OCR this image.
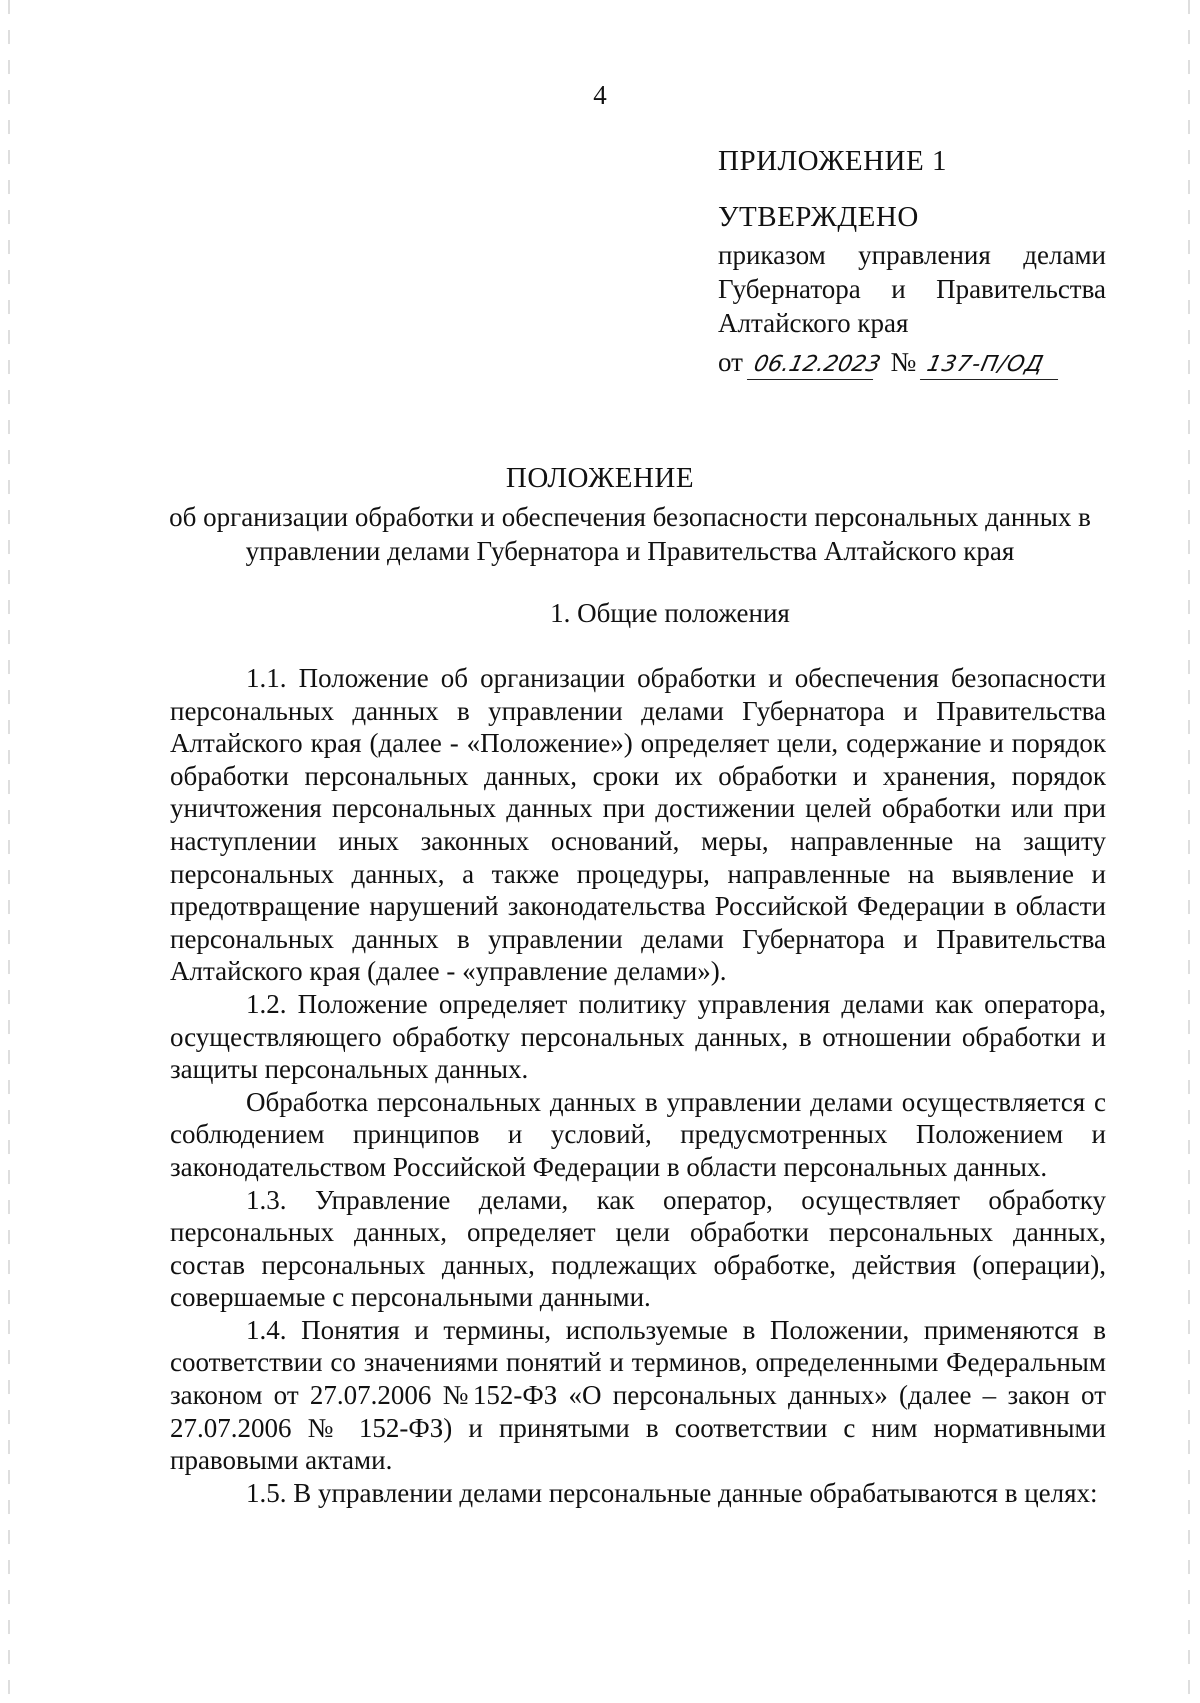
4
ПРИЛОЖЕНИЕ 1
УТВЕРЖДЕНО
приказом управления делами
Губернатора и Правительства
Алтайского края
от 06.12.2023 № 137-П/ОД
ПОЛОЖЕНИЕ
об организации обработки и обеспечения безопасности персональных данных в управлении делами Губернатора и Правительства Алтайского края
1. Общие положения

1.1. Положение об организации обработки и обеспечения безопасности персональных данных в управлении делами Губернатора и Правительства Алтайского края (далее - «Положение») определяет цели, содержание и порядок обработки персональных данных, сроки их обработки и хранения, порядок уничтожения персональных данных при достижении целей обработки или при наступлении иных законных оснований, меры, направленные на защиту персональных данных, а также процедуры, направленные на выявление и предотвращение нарушений законодательства Российской Федерации в области персональных данных в управлении делами Губернатора и Правительства Алтайского края (далее - «управление делами»).

1.2. Положение определяет политику управления делами как оператора, осуществляющего обработку персональных данных, в отношении обработки и защиты персональных данных.

Обработка персональных данных в управлении делами осуществляется с соблюдением принципов и условий, предусмотренных Положением и законодательством Российской Федерации в области персональных данных.

1.3. Управление делами, как оператор, осуществляет обработку персональных данных, определяет цели обработки персональных данных, состав персональных данных, подлежащих обработке, действия (операции), совершаемые с персональными данными.

1.4. Понятия и термины, используемые в Положении, применяются в соответствии со значениями понятий и терминов, определенными Федеральным законом от 27.07.2006 №152-ФЗ «О персональных данных» (далее – закон от 27.07.2006 № 152-ФЗ) и принятыми в соответствии с ним нормативными правовыми актами.

1.5. В управлении делами персональные данные обрабатываются в целях:
